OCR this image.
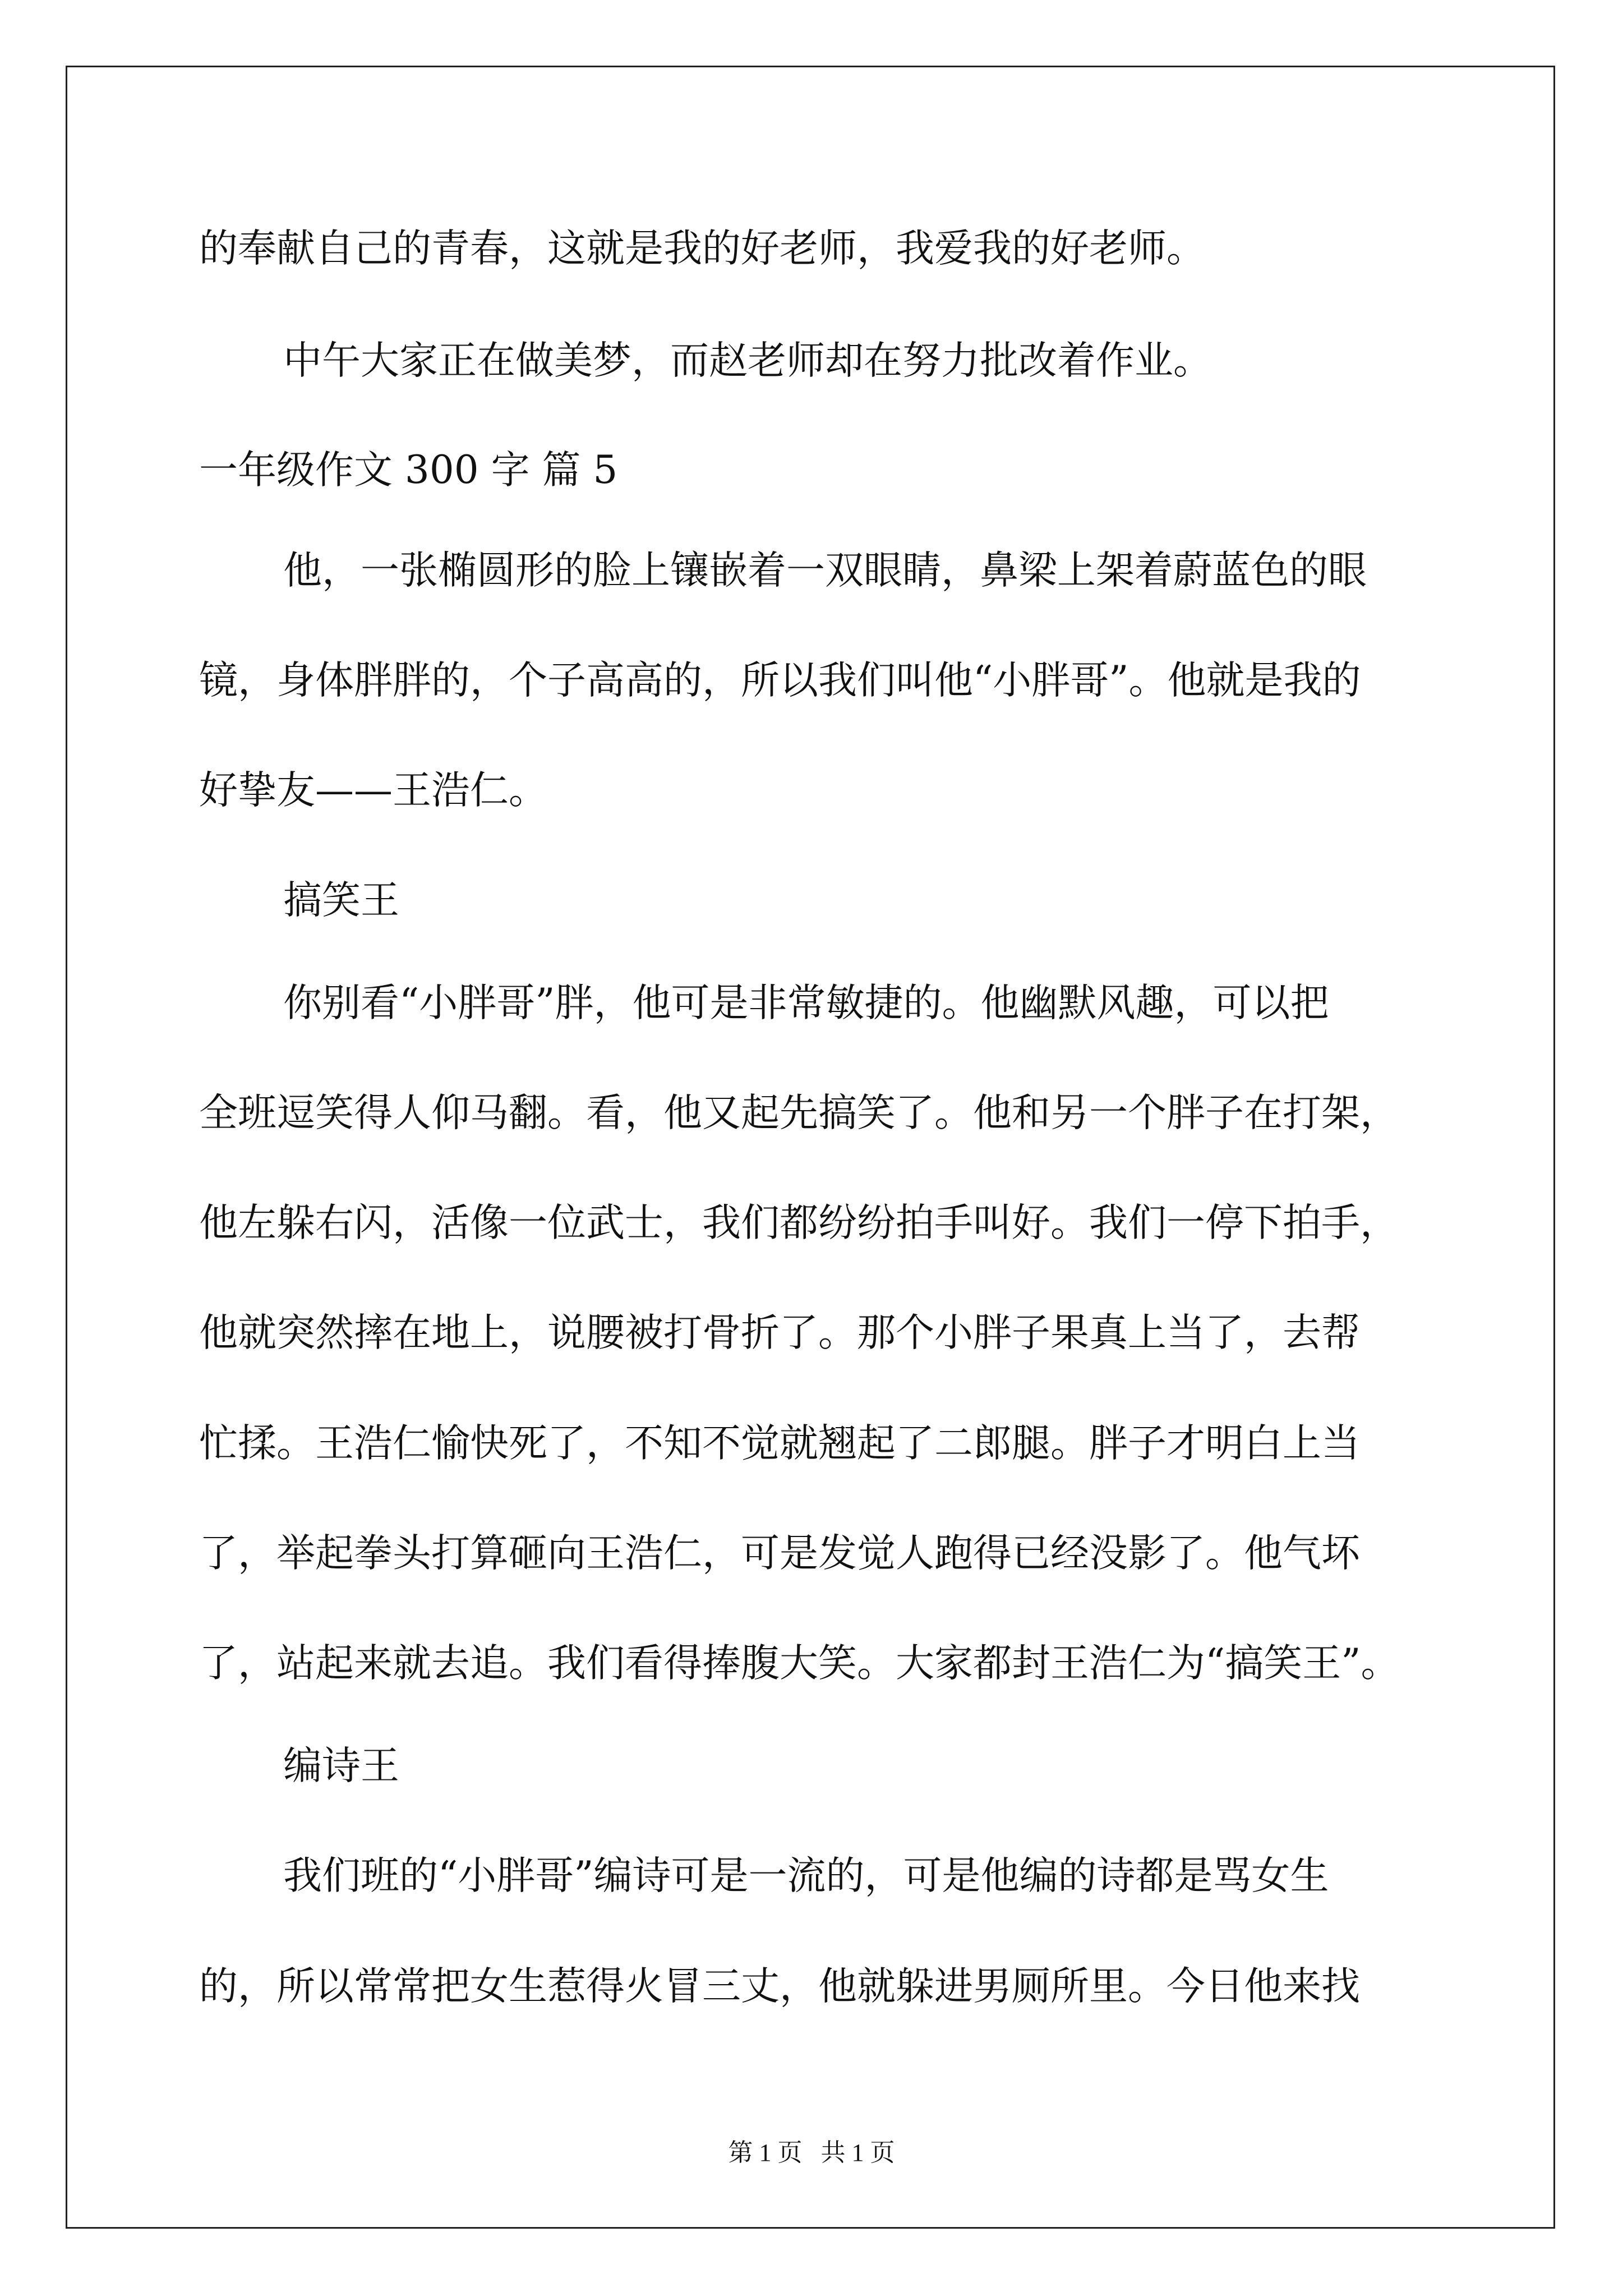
的奉献自己的青春，这就是我的好老师，我爱我的好老师。

中午大家正在做美梦，而赵老师却在努力批改着作业。

一年级作文 300 字 篇 5

他，一张椭圆形的脸上镶嵌着一双眼睛，鼻梁上架着蔚蓝色的眼

镜，身体胖胖的，个子高高的，所以我们叫他“小胖哥”。他就是我的

好挚友——王浩仁。

搞笑王

你别看“小胖哥”胖，他可是非常敏捷的。他幽默风趣，可以把

全班逗笑得人仰马翻。看，他又起先搞笑了。他和另一个胖子在打架，

他左躲右闪，活像一位武士，我们都纷纷拍手叫好。我们一停下拍手，

他就突然摔在地上，说腰被打骨折了。那个小胖子果真上当了，去帮

忙揉。王浩仁愉快死了，不知不觉就翘起了二郎腿。胖子才明白上当

了，举起拳头打算砸向王浩仁，可是发觉人跑得已经没影了。他气坏

了，站起来就去追。我们看得捧腹大笑。大家都封王浩仁为“搞笑王”。

编诗王

我们班的“小胖哥”编诗可是一流的，可是他编的诗都是骂女生

的，所以常常把女生惹得火冒三丈，他就躲进男厕所里。今日他来找

第 1 页   共 1 页
